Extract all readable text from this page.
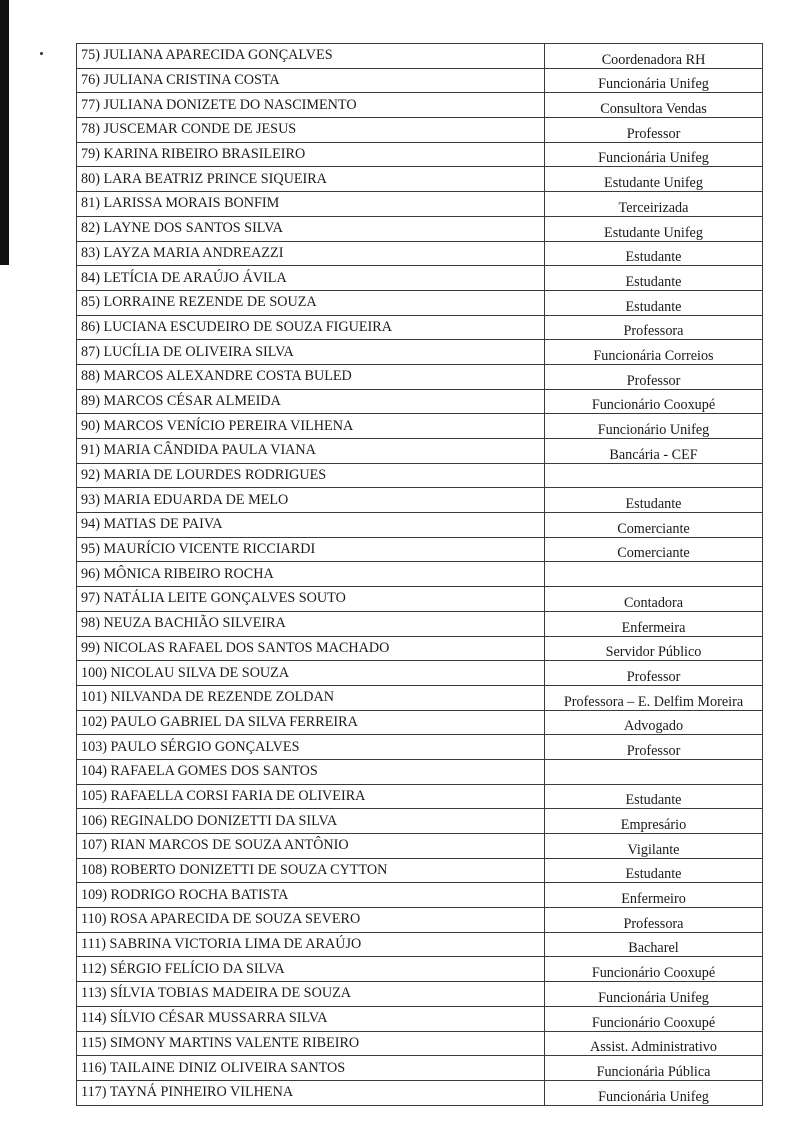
75) JULIANA APARECIDA GONÇALVES	Coordenadora RH
76) JULIANA CRISTINA COSTA	Funcionária Unifeg
77) JULIANA DONIZETE DO NASCIMENTO	Consultora Vendas
78) JUSCEMAR CONDE DE JESUS	Professor
79) KARINA RIBEIRO BRASILEIRO	Funcionária Unifeg
80) LARA BEATRIZ PRINCE SIQUEIRA	Estudante Unifeg
81) LARISSA MORAIS BONFIM	Terceirizada
82) LAYNE DOS SANTOS SILVA	Estudante Unifeg
83) LAYZA MARIA ANDREAZZI	Estudante
84) LETÍCIA DE ARAÚJO ÁVILA	Estudante
85) LORRAINE REZENDE DE SOUZA	Estudante
86) LUCIANA ESCUDEIRO DE SOUZA FIGUEIRA	Professora
87) LUCÍLIA DE OLIVEIRA SILVA	Funcionária Correios
88) MARCOS ALEXANDRE COSTA BULED	Professor
89) MARCOS CÉSAR ALMEIDA	Funcionário Cooxupé
90) MARCOS VENÍCIO PEREIRA VILHENA	Funcionário Unifeg
91) MARIA CÂNDIDA PAULA VIANA	Bancária - CEF
92) MARIA DE LOURDES RODRIGUES	
93) MARIA EDUARDA DE MELO	Estudante
94) MATIAS DE PAIVA	Comerciante
95) MAURÍCIO VICENTE RICCIARDI	Comerciante
96) MÔNICA RIBEIRO ROCHA	
97) NATÁLIA LEITE GONÇALVES SOUTO	Contadora
98) NEUZA BACHIÃO SILVEIRA	Enfermeira
99) NICOLAS RAFAEL DOS SANTOS MACHADO	Servidor Público
100) NICOLAU SILVA DE SOUZA	Professor
101) NILVANDA DE REZENDE ZOLDAN	Professora – E. Delfim Moreira
102) PAULO GABRIEL DA SILVA FERREIRA	Advogado
103) PAULO SÉRGIO GONÇALVES	Professor
104) RAFAELA GOMES DOS SANTOS	
105) RAFAELLA CORSI FARIA DE OLIVEIRA	Estudante
106) REGINALDO DONIZETTI DA SILVA	Empresário
107) RIAN MARCOS DE SOUZA ANTÔNIO	Vigilante
108) ROBERTO DONIZETTI DE SOUZA CYTTON	Estudante
109) RODRIGO ROCHA BATISTA	Enfermeiro
110) ROSA APARECIDA DE SOUZA SEVERO	Professora
111) SABRINA VICTORIA LIMA DE ARAÚJO	Bacharel
112) SÉRGIO FELÍCIO DA SILVA	Funcionário Cooxupé
113) SÍLVIA TOBIAS MADEIRA DE SOUZA	Funcionária Unifeg
114) SÍLVIO CÉSAR MUSSARRA SILVA	Funcionário Cooxupé
115) SIMONY MARTINS VALENTE RIBEIRO	Assist. Administrativo
116) TAILAINE DINIZ OLIVEIRA SANTOS	Funcionária Pública
117) TAYNÁ PINHEIRO VILHENA	Funcionária Unifeg
